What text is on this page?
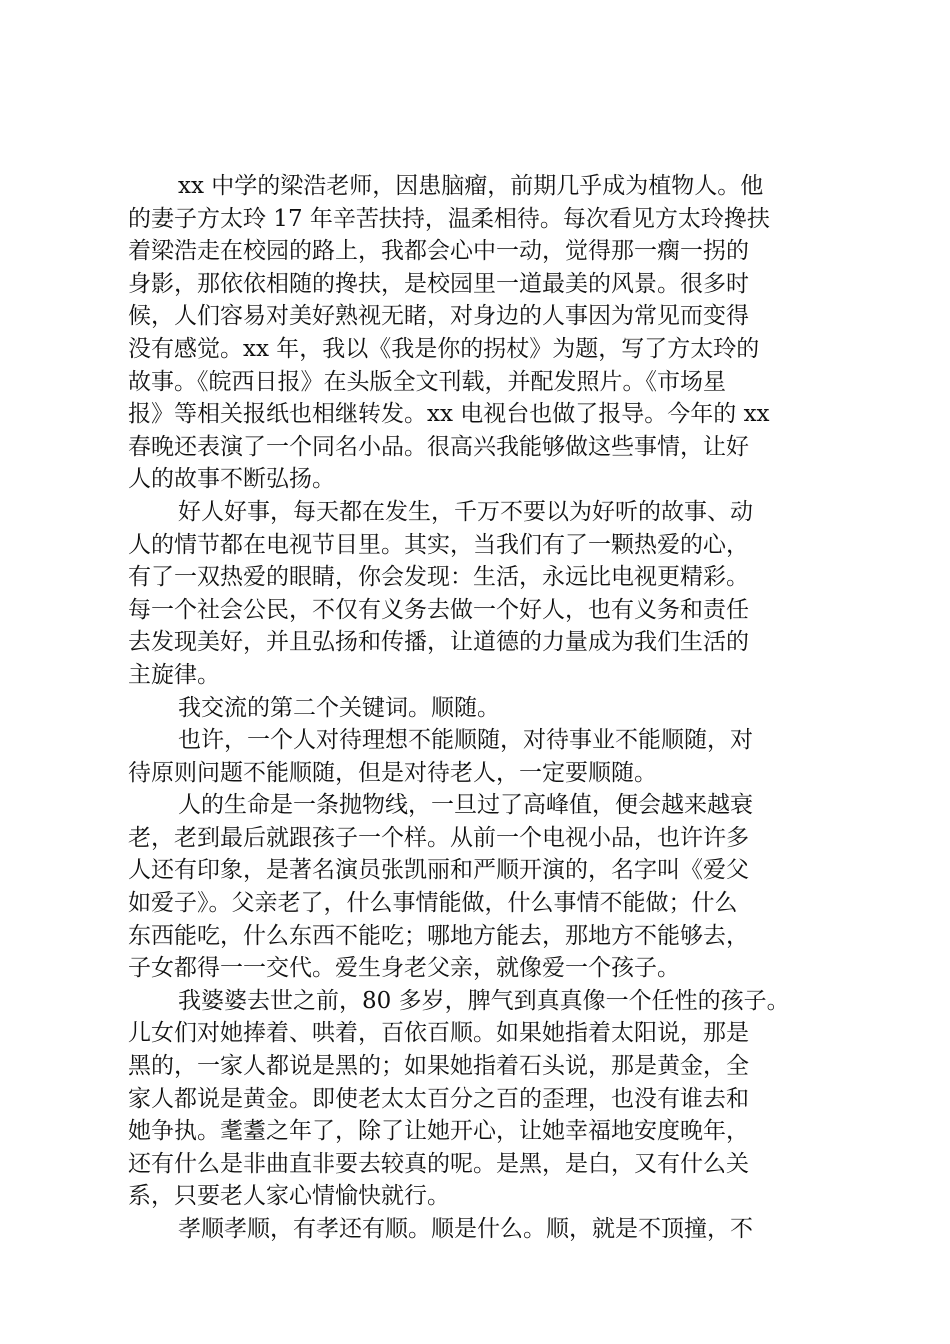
xx 中学的梁浩老师，因患脑瘤，前期几乎成为植物人。他
的妻子方太玲 17 年辛苦扶持，温柔相待。每次看见方太玲搀扶
着梁浩走在校园的路上，我都会心中一动，觉得那一瘸一拐的
身影，那依依相随的搀扶，是校园里一道最美的风景。很多时
候，人们容易对美好熟视无睹，对身边的人事因为常见而变得
没有感觉。xx 年，我以《我是你的拐杖》为题，写了方太玲的
故事。《皖西日报》在头版全文刊载，并配发照片。《市场星
报》等相关报纸也相继转发。xx 电视台也做了报导。今年的 xx
春晚还表演了一个同名小品。很高兴我能够做这些事情，让好
人的故事不断弘扬。
好人好事，每天都在发生，千万不要以为好听的故事、动
人的情节都在电视节目里。其实，当我们有了一颗热爱的心，
有了一双热爱的眼睛，你会发现：生活，永远比电视更精彩。
每一个社会公民，不仅有义务去做一个好人，也有义务和责任
去发现美好，并且弘扬和传播，让道德的力量成为我们生活的
主旋律。
我交流的第二个关键词。顺随。
也许，一个人对待理想不能顺随，对待事业不能顺随，对
待原则问题不能顺随，但是对待老人，一定要顺随。
人的生命是一条抛物线，一旦过了高峰值，便会越来越衰
老，老到最后就跟孩子一个样。从前一个电视小品，也许许多
人还有印象，是著名演员张凯丽和严顺开演的，名字叫《爱父
如爱子》。父亲老了，什么事情能做，什么事情不能做；什么
东西能吃，什么东西不能吃；哪地方能去，那地方不能够去，
子女都得一一交代。爱生身老父亲，就像爱一个孩子。
我婆婆去世之前，80 多岁，脾气到真真像一个任性的孩子。
儿女们对她捧着、哄着，百依百顺。如果她指着太阳说，那是
黑的，一家人都说是黑的；如果她指着石头说，那是黄金，全
家人都说是黄金。即使老太太百分之百的歪理，也没有谁去和
她争执。耄耋之年了，除了让她开心，让她幸福地安度晚年，
还有什么是非曲直非要去较真的呢。是黑，是白，又有什么关
系，只要老人家心情愉快就行。
孝顺孝顺，有孝还有顺。顺是什么。顺，就是不顶撞，不
